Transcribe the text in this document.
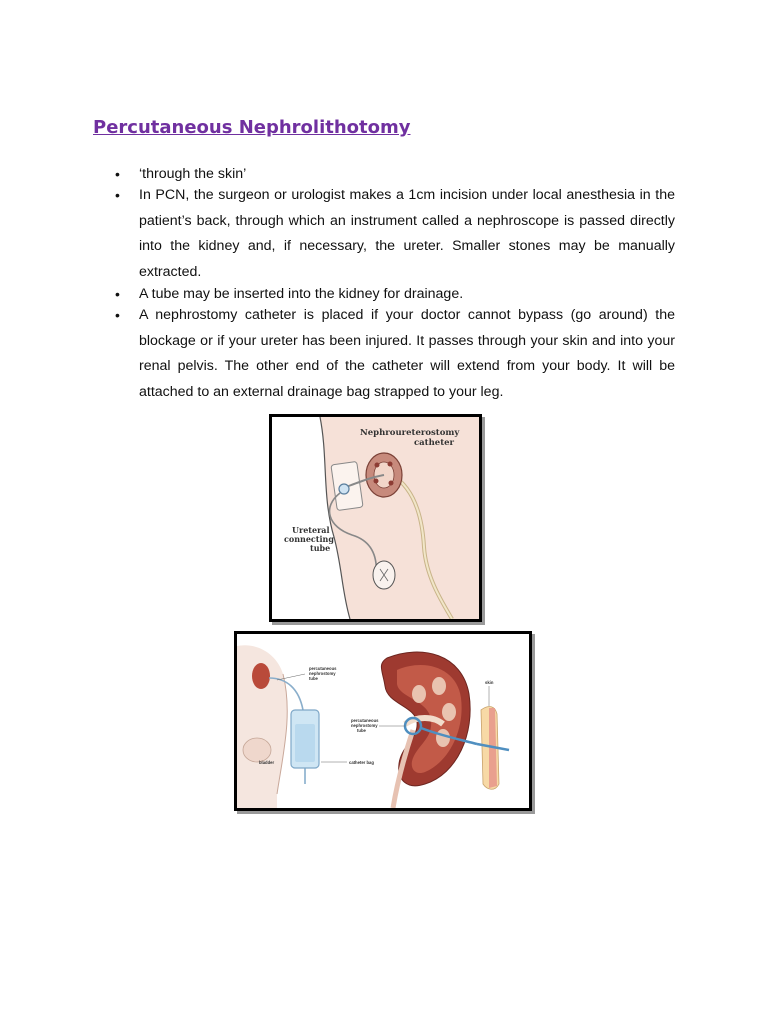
Percutaneous Nephrolithotomy
• ‘through the skin’
• In PCN, the surgeon or urologist makes a 1cm incision under local anesthesia in the patient’s back, through which an instrument called a nephroscope is passed directly into the kidney and, if necessary, the ureter. Smaller stones may be manually extracted.
• A tube may be inserted into the kidney for drainage.
• A nephrostomy catheter is placed if your doctor cannot bypass (go around) the blockage or if your ureter has been injured. It passes through your skin and into your renal pelvis. The other end of the catheter will extend from your body. It will be attached to an external drainage bag strapped to your leg.
Nephroureterostomy
catheter
Ureteral
connecting
tube
percutaneous
nephrostomy
tube
bladder	catheter bag
percutaneous
nephrostomy
tube
skin
